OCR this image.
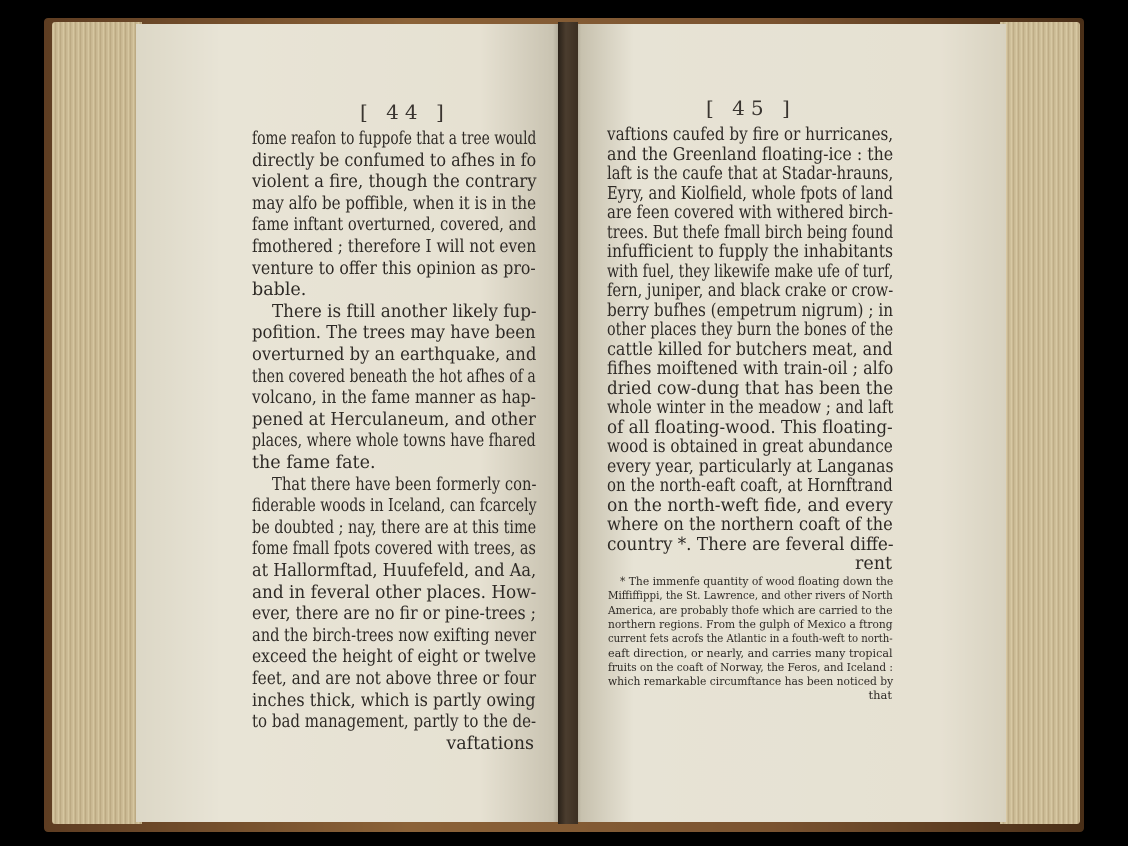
[ 44 ]	[ 45 ]
fome reafon to fuppofe that a tree would
directly be confumed to afhes in fo
violent a fire, though the contrary
may alfo be poffible, when it is in the
fame inftant overturned, covered, and
fmothered ; therefore I will not even
venture to offer this opinion as pro-
bable.
There is ftill another likely fup-
pofition. The trees may have been
overturned by an earthquake, and
then covered beneath the hot afhes of a
volcano, in the fame manner as hap-
pened at Herculaneum, and other
places, where whole towns have fhared
the fame fate.
That there have been formerly con-
fiderable woods in Iceland, can fcarcely
be doubted ; nay, there are at this time
fome fmall fpots covered with trees, as
at Hallormftad, Huufefeld, and Aa,
and in feveral other places. How-
ever, there are no fir or pine-trees ;
and the birch-trees now exifting never
exceed the height of eight or twelve
feet, and are not above three or four
inches thick, which is partly owing
to bad management, partly to the de-
vaftations
vaftions caufed by fire or hurricanes,
and the Greenland floating-ice : the
laft is the caufe that at Stadar-hrauns,
Eyry, and Kiolfield, whole fpots of land
are feen covered with withered birch-
trees. But thefe fmall birch being found
infufficient to fupply the inhabitants
with fuel, they likewife make ufe of turf,
fern, juniper, and black crake or crow-
berry bufhes (empetrum nigrum) ; in
other places they burn the bones of the
cattle killed for butchers meat, and
fifhes moiftened with train-oil ; alfo
dried cow-dung that has been the
whole winter in the meadow ; and laft
of all floating-wood. This floating-
wood is obtained in great abundance
every year, particularly at Langanas
on the north-eaft coaft, at Hornftrand
on the north-weft fide, and every
where on the northern coaft of the
country *. There are feveral diffe-
rent
* The immenfe quantity of wood floating down the
Miffiffippi, the St. Lawrence, and other rivers of North
America, are probably thofe which are carried to the
northern regions. From the gulph of Mexico a ftrong
current fets acrofs the Atlantic in a fouth-weft to north-
eaft direction, or nearly, and carries many tropical
fruits on the coaft of Norway, the Feros, and Iceland :
which remarkable circumftance has been noticed by
that
